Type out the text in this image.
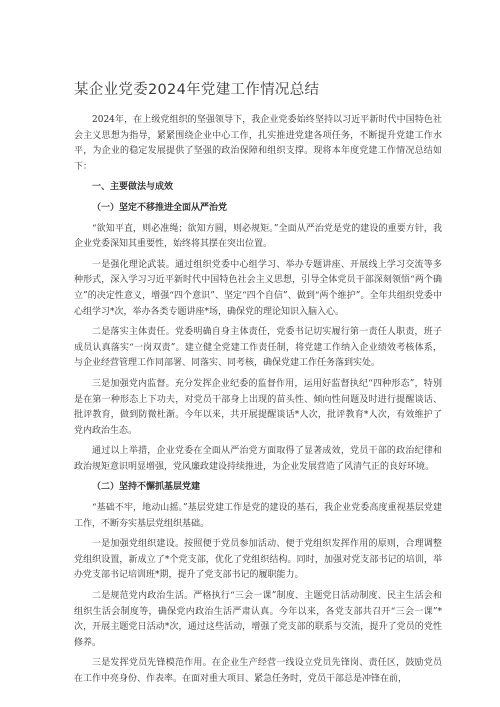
某企业党委2024年党建工作情况总结

2024年，在上级党组织的坚强领导下，我企业党委始终坚持以习近平新时代中国特色社会主义思想为指导，紧紧围绕企业中心工作，扎实推进党建各项任务，不断提升党建工作水平，为企业的稳定发展提供了坚强的政治保障和组织支撑。现将本年度党建工作情况总结如下：

一、主要做法与成效
（一）坚定不移推进全面从严治党

“欲知平直，则必准绳；欲知方圆，则必规矩。”全面从严治党是党的建设的重要方针，我企业党委深知其重要性，始终将其摆在突出位置。

一是强化理论武装。通过组织党委中心组学习、举办专题讲座、开展线上学习交流等多种形式，深入学习习近平新时代中国特色社会主义思想，引导全体党员干部深刻领悟“两个确立”的决定性意义，增强“四个意识”、坚定“四个自信”、做到“两个维护”。全年共组织党委中心组学习*次，举办各类专题讲座*场，确保党的理论知识入脑入心。

二是落实主体责任。党委明确自身主体责任，党委书记切实履行第一责任人职责，班子成员认真落实“一岗双责”。建立健全党建工作责任制，将党建工作纳入企业绩效考核体系，与企业经营管理工作同部署、同落实、同考核，确保党建工作任务落到实处。

三是加强党内监督。充分发挥企业纪委的监督作用，运用好监督执纪“四种形态”，特别是在第一种形态上下功夫，对党员干部身上出现的苗头性、倾向性问题及时进行提醒谈话、批评教育，做到防微杜渐。今年以来，共开展提醒谈话*人次，批评教育*人次，有效维护了党内政治生态。

通过以上举措，企业党委在全面从严治党方面取得了显著成效，党员干部的政治纪律和政治规矩意识明显增强，党风廉政建设持续推进，为企业发展营造了风清气正的良好环境。

（二）坚持不懈抓基层党建

“基础不牢，地动山摇。”基层党建工作是党的建设的基石，我企业党委高度重视基层党建工作，不断夯实基层党组织基础。

一是加强党组织建设。按照便于党员参加活动、便于党组织发挥作用的原则，合理调整党组织设置，新成立了*个党支部，优化了党组织结构。同时，加强对党支部书记的培训，举办党支部书记培训班*期，提升了党支部书记的履职能力。

二是规范党内政治生活。严格执行“三会一课”制度、主题党日活动制度、民主生活会和组织生活会制度等，确保党内政治生活严肃认真。今年以来，各党支部共召开“三会一课”*次，开展主题党日活动*次，通过这些活动，增强了党支部的联系与交流，提升了党员的党性修养。

三是发挥党员先锋模范作用。在企业生产经营一线设立党员先锋岗、责任区，鼓励党员在工作中亮身份、作表率。在面对重大项目、紧急任务时，党员干部总是冲锋在前，
